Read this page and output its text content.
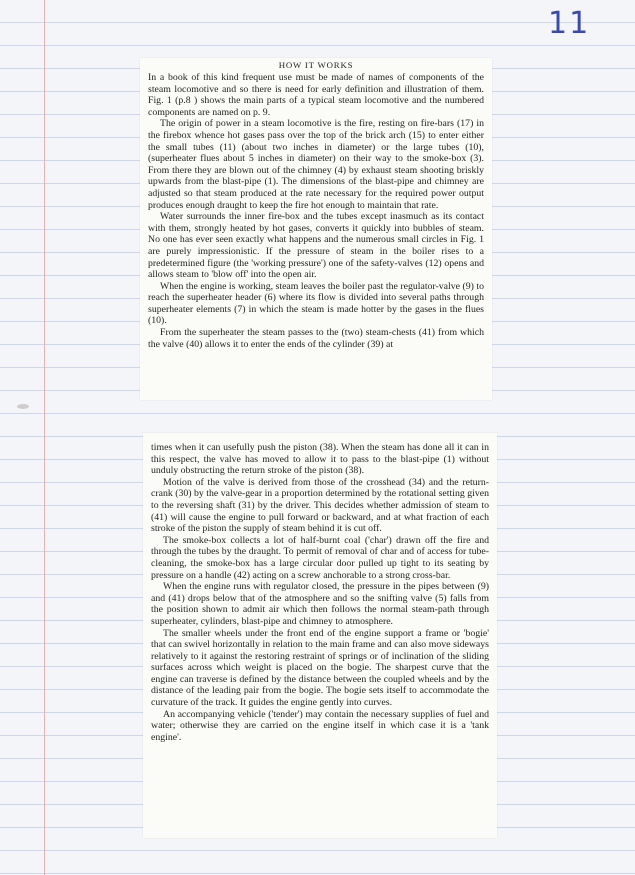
11
HOW IT WORKS

In a book of this kind frequent use must be made of names of components of the steam locomotive and so there is need for early definition and illustration of them. Fig. 1 (p.8 ) shows the main parts of a typical steam locomotive and the numbered components are named on p. 9.

The origin of power in a steam locomotive is the fire, resting on fire-bars (17) in the firebox whence hot gases pass over the top of the brick arch (15) to enter either the small tubes (11) (about two inches in diameter) or the large tubes (10), (superheater flues about 5 inches in diameter) on their way to the smoke-box (3). From there they are blown out of the chimney (4) by exhaust steam shooting briskly upwards from the blast-pipe (1). The dimensions of the blast-pipe and chimney are adjusted so that steam produced at the rate necessary for the required power output produces enough draught to keep the fire hot enough to maintain that rate.

Water surrounds the inner fire-box and the tubes except inasmuch as its contact with them, strongly heated by hot gases, converts it quickly into bubbles of steam. No one has ever seen exactly what happens and the numerous small circles in Fig. 1 are purely impressionistic. If the pressure of steam in the boiler rises to a predetermined figure (the 'working pressure') one of the safety-valves (12) opens and allows steam to 'blow off' into the open air.

When the engine is working, steam leaves the boiler past the regulator-valve (9) to reach the superheater header (6) where its flow is divided into several paths through superheater elements (7) in which the steam is made hotter by the gases in the flues (10).

From the superheater the steam passes to the (two) steam-chests (41) from which the valve (40) allows it to enter the ends of the cylinder (39) at

times when it can usefully push the piston (38). When the steam has done all it can in this respect, the valve has moved to allow it to pass to the blast-pipe (1) without unduly obstructing the return stroke of the piston (38).

Motion of the valve is derived from those of the crosshead (34) and the return-crank (30) by the valve-gear in a proportion determined by the rotational setting given to the reversing shaft (31) by the driver. This decides whether admission of steam to (41) will cause the engine to pull forward or backward, and at what fraction of each stroke of the piston the supply of steam behind it is cut off.

The smoke-box collects a lot of half-burnt coal ('char') drawn off the fire and through the tubes by the draught. To permit of removal of char and of access for tube-cleaning, the smoke-box has a large circular door pulled up tight to its seating by pressure on a handle (42) acting on a screw anchorable to a strong cross-bar.

When the engine runs with regulator closed, the pressure in the pipes between (9) and (41) drops below that of the atmosphere and so the snifting valve (5) falls from the position shown to admit air which then follows the normal steam-path through superheater, cylinders, blast-pipe and chimney to atmosphere.

The smaller wheels under the front end of the engine support a frame or 'bogie' that can swivel horizontally in relation to the main frame and can also move sideways relatively to it against the restoring restraint of springs or of inclination of the sliding surfaces across which weight is placed on the bogie. The sharpest curve that the engine can traverse is defined by the distance between the coupled wheels and by the distance of the leading pair from the bogie. The bogie sets itself to accommodate the curvature of the track. It guides the engine gently into curves.

An accompanying vehicle ('tender') may contain the necessary supplies of fuel and water; otherwise they are carried on the engine itself in which case it is a 'tank engine'.
